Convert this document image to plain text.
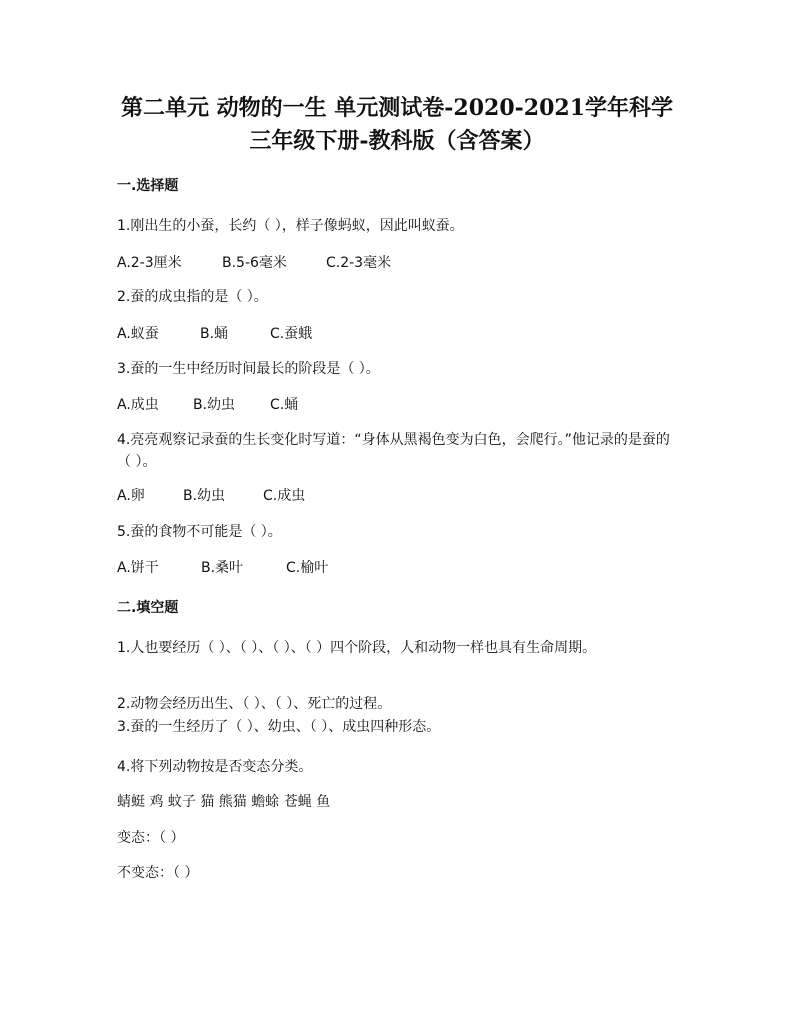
第二单元 动物的一生 单元测试卷-2020-2021学年科学
三年级下册-教科版（含答案）
一.选择题
1.刚出生的小蚕，长约（ ），样子像蚂蚁，因此叫蚁蚕。
A.2-3厘米	B.5-6毫米	C.2-3毫米
2.蚕的成虫指的是（ ）。
A.蚁蚕	B.蛹	C.蚕蛾
3.蚕的一生中经历时间最长的阶段是（ ）。
A.成虫 B.幼虫 C.蛹
4.亮亮观察记录蚕的生长变化时写道：“身体从黑褐色变为白色，会爬行。”他记录的是蚕的（ ）。
A.卵	B.幼虫	C.成虫
5.蚕的食物不可能是（ ）。
A.饼干	B.桑叶	C.榆叶
二.填空题
1.人也要经历（ ）、（ ）、（ ）、（ ）四个阶段，人和动物一样也具有生命周期。
2.动物会经历出生、（ ）、（ ）、死亡的过程。
3.蚕的一生经历了（ ）、幼虫、（ ）、成虫四种形态。
4.将下列动物按是否变态分类。
蜻蜓 鸡 蚊子 猫 熊猫 蟾蜍 苍蝇 鱼
变态：（ ）
不变态：（ ）
